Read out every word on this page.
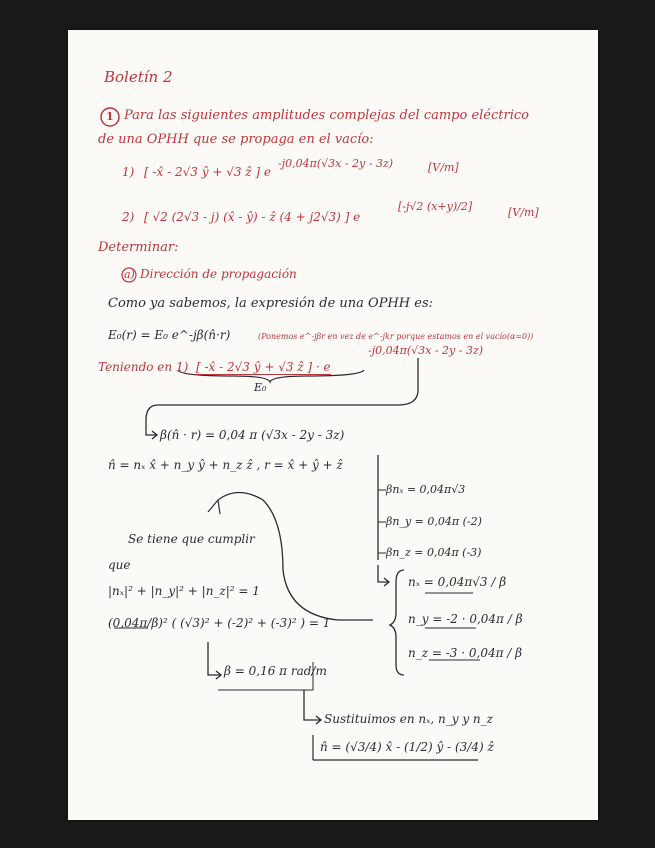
Boletín 2
1 Para las siguientes amplitudes complejas del campo eléctrico
de una OPHH que se propaga en el vacío:
1) [ -x̂ - 2√3 ŷ + √3 ẑ ] e
-j0,04π(√3x - 2y - 3z)	[V/m]
2) [ √2 (2√3 - j) (x̂ - ŷ) - ẑ (4 + j2√3) ] e
[-j√2 (x+y)/2]	[V/m]
Determinar:
a) Dirección de propagación
Como ya sabemos, la expresión de una OPHH es:
E₀(r) = E₀ e^-jβ(n̂·r)	(Ponemos e^-jβr en vez de e^-jkr porque estamos en el vacío(α=0))
Teniendo en 1) [ -x̂ - 2√3 ŷ + √3 ẑ ] · e
-j0,04π(√3x - 2y - 3z)
E₀
β(n̂ · r) = 0,04 π (√3x - 2y - 3z)
n̂ = nₓ x̂ + n_y ŷ + n_z ẑ , r = x̂ + ŷ + ẑ
βnₓ = 0,04π√3
βn_y = 0,04π (-2)
βn_z = 0,04π (-3)
Se tiene que cumplir
que
|nₓ|² + |n_y|² + |n_z|² = 1
(0,04π/β)² ( (√3)² + (-2)² + (-3)² ) = 1
nₓ = 0,04π√3 / β
n_y = -2 · 0,04π / β
n_z = -3 · 0,04π / β
β = 0,16 π rad/m
Sustituimos en nₓ, n_y y n_z
n̂ = (√3/4) x̂ - (1/2) ŷ - (3/4) ẑ
